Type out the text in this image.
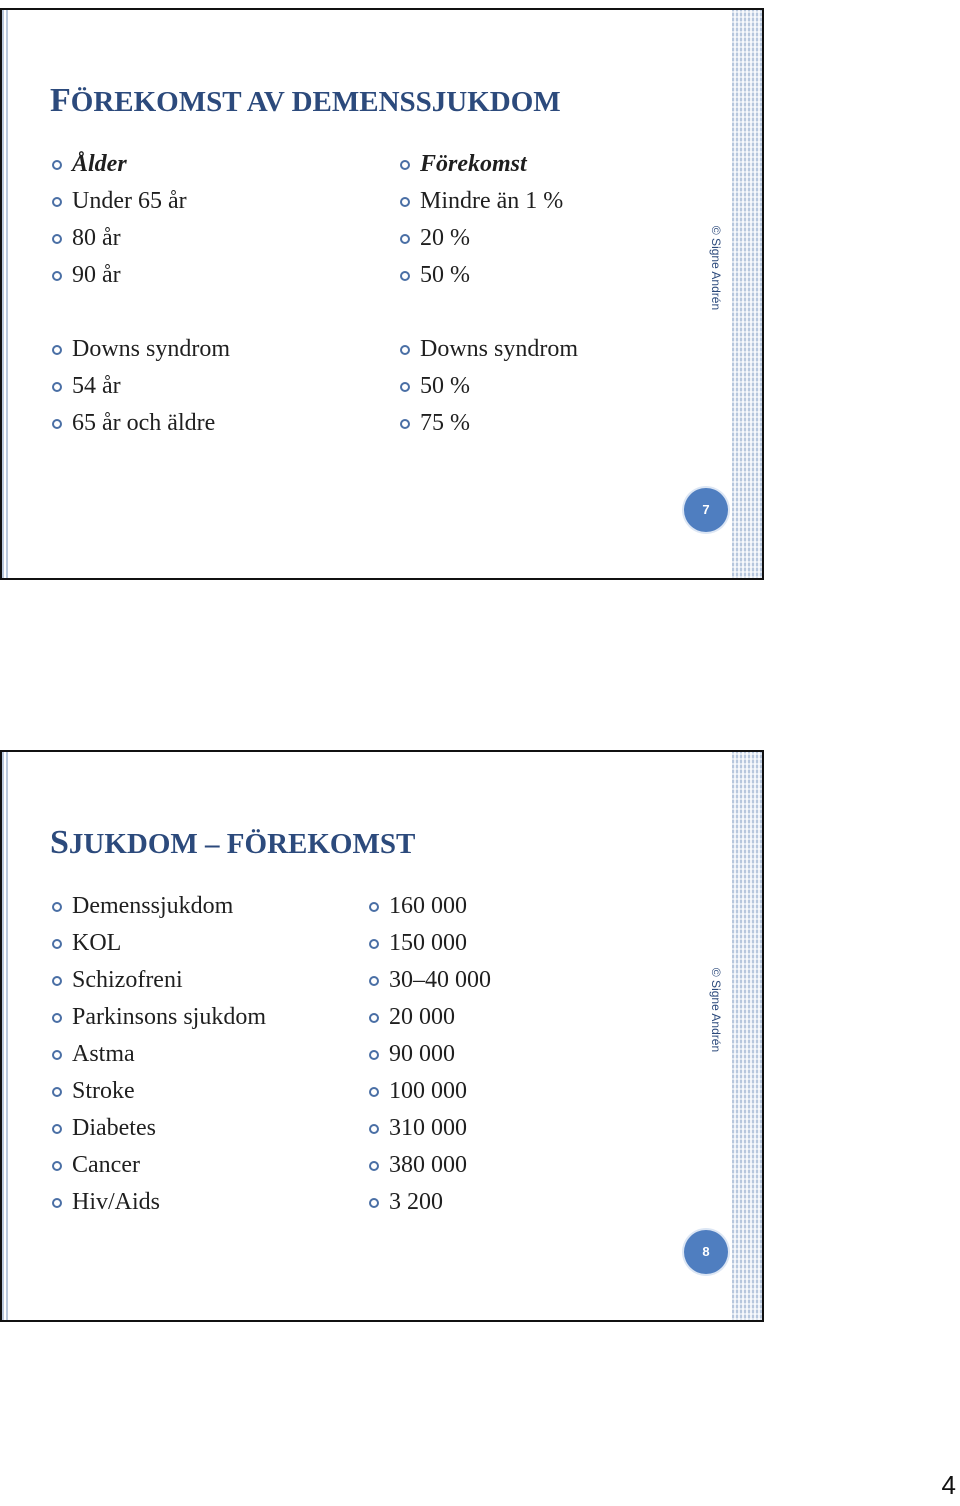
FÖREKOMST AV DEMENSSJUKDOM
Ålder
Under 65 år
80 år
90 år
Downs syndrom
54 år
65 år och äldre
Förekomst
Mindre än 1 %
20 %
50 %
Downs syndrom
50 %
75 %
© Signe Andrén
7
SJUKDOM – FÖREKOMST
Demenssjukdom
KOL
Schizofreni
Parkinsons sjukdom
Astma
Stroke
Diabetes
Cancer
Hiv/Aids
160 000
150 000
30–40 000
20 000
90 000
100 000
310 000
380 000
3 200
© Signe Andrén
8
4
